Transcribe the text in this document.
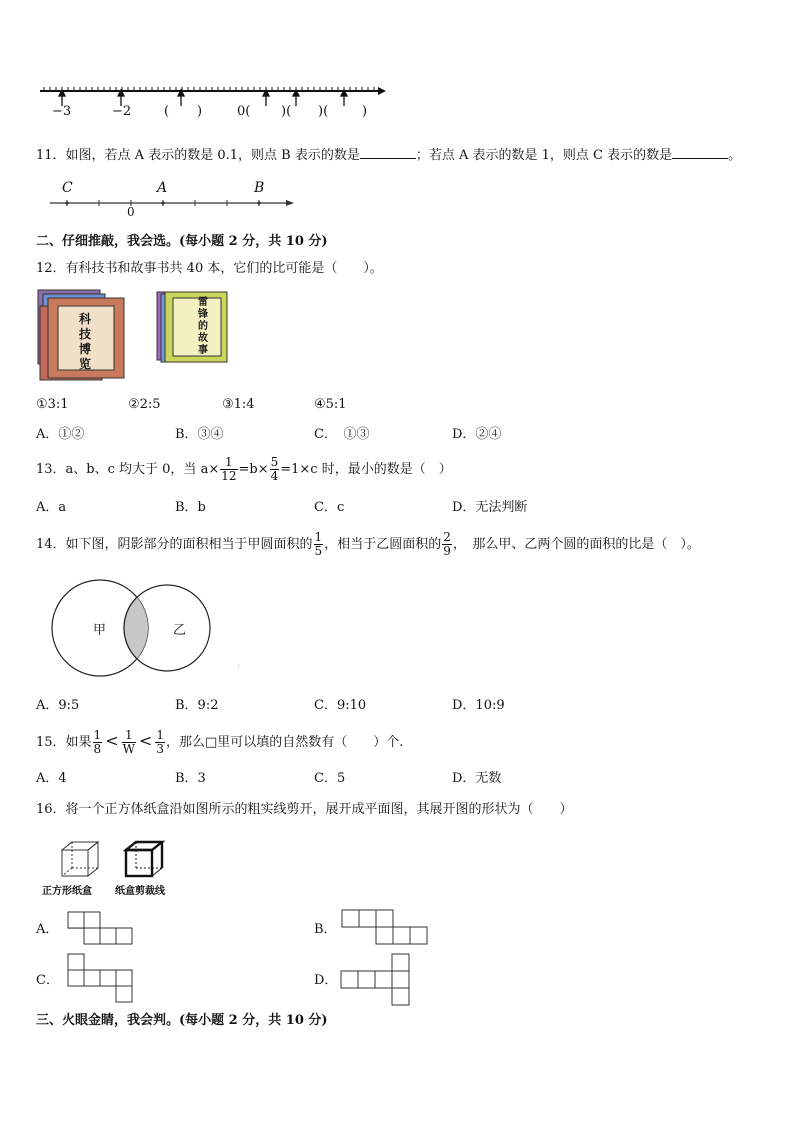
−3	−2	( )	0( )( )(	)
11．如图，若点 A 表示的数是 0.1，则点 B 表示的数是	；若点 A 表示的数是 1，则点 C 表示的数是	。
C	A	B
0
二、仔细推敲，我会选。(每小题 2 分，共 10 分)
12．有科技书和故事书共 40 本，它们的比可能是（　　）。
科
技
博
览
雷
锋
的
故
事
①3:1	②2:5	③1:4	④5:1
A．①②	B．③④	C．　①③	D．②④
13．a、b、c 均大于 0，当 $a\times \frac{1}{12} =b\times \frac{5}{4} =1\times c$ 时，最小的数是（　）
A．a	B．b	C．c	D．无法判断
14．如下图，阴影部分的面积相当于甲圆面积的 $\frac{1}{5}$ ，相当于乙圆面积的 $\frac{2}{9}$ ，　那么甲、乙两个圆的面积的比是（　）。
甲	乙
A．9:5	B．9:2	C．9:10	D．10:9
15．如果 $\frac{1}{8} < \frac{1}{W} < \frac{1}{3}$ ，那么□里可以填的自然数有（　　）个.
A．4	B．3	C．5	D．无数
16．将一个正方体纸盒沿如图所示的粗实线剪开，展开成平面图，其展开图的形状为（　　）
正方形纸盒 纸盒剪裁线
A．	B．
C．	D．
三、火眼金睛，我会判。(每小题 2 分，共 10 分)
